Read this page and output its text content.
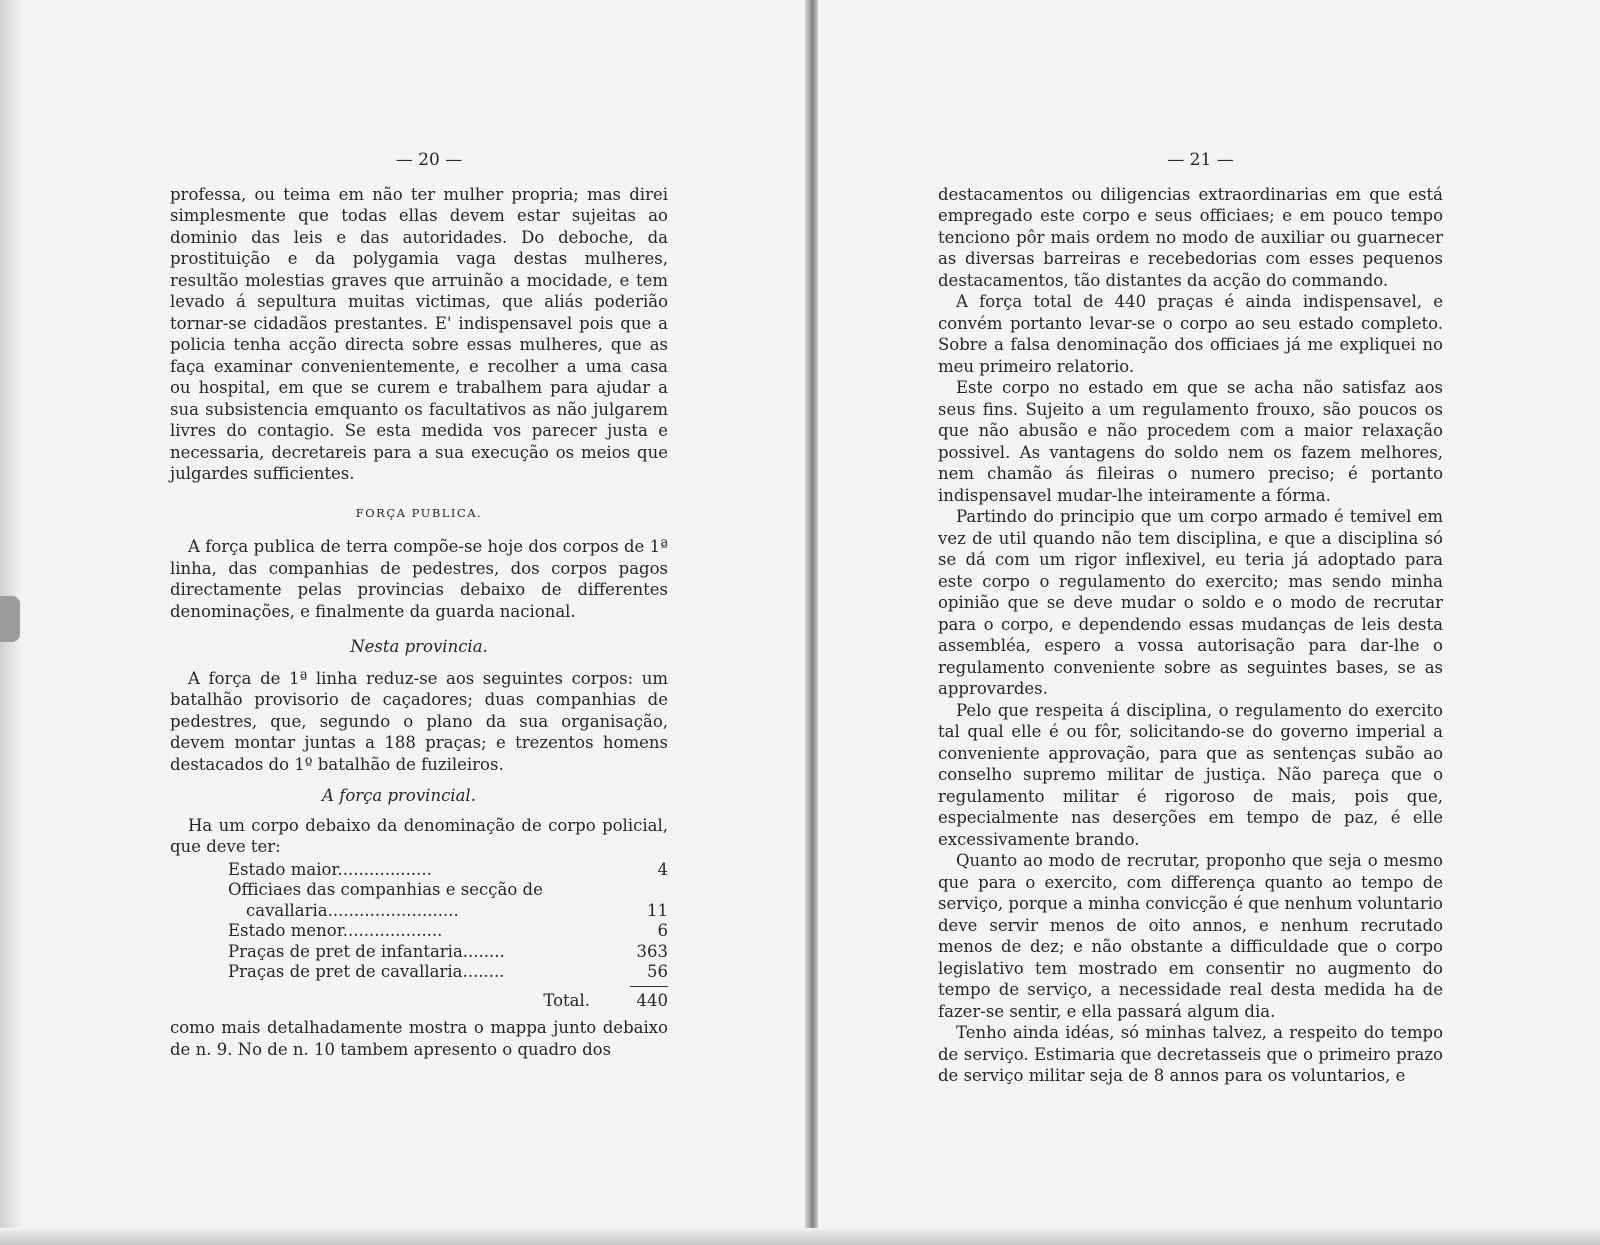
— 20 —

professa, ou teima em não ter mulher propria; mas direi simplesmente que todas ellas devem estar sujeitas ao dominio das leis e das autoridades. Do deboche, da prostituição e da polygamia vaga destas mulheres, resultão molestias graves que arruinão a mocidade, e tem levado á sepultura muitas victimas, que aliás poderião tornar-se cidadãos prestantes. E' indispensavel pois que a policia tenha acção directa sobre essas mulheres, que as faça examinar convenientemente, e recolher a uma casa ou hospital, em que se curem e trabalhem para ajudar a sua subsistencia emquanto os facultativos as não julgarem livres do contagio. Se esta medida vos parecer justa e necessaria, decretareis para a sua execução os meios que julgardes sufficientes.

FORÇA PUBLICA.

A força publica de terra compõe-se hoje dos corpos de 1ª linha, das companhias de pedestres, dos corpos pagos directamente pelas provincias debaixo de differentes denominações, e finalmente da guarda nacional.

Nesta provincia.

A força de 1ª linha reduz-se aos seguintes corpos: um batalhão provisorio de caçadores; duas companhias de pedestres, que, segundo o plano da sua organisação, devem montar juntas a 188 praças; e trezentos homens destacados do 1º batalhão de fuzileiros.

A força provincial.

Ha um corpo debaixo da denominação de corpo policial, que deve ter:

Estado maior..................	4
Officiaes das companhias e secção de	
cavallaria.........................	11
Estado menor...................	6
Praças de pret de infantaria........	363
Praças de pret de cavallaria........	56
Total.	440

como mais detalhadamente mostra o mappa junto debaixo de n. 9. No de n. 10 tambem apresento o quadro dos

— 21 —

destacamentos ou diligencias extraordinarias em que está empregado este corpo e seus officiaes; e em pouco tempo tenciono pôr mais ordem no modo de auxiliar ou guarnecer as diversas barreiras e recebedorias com esses pequenos destacamentos, tão distantes da acção do commando.

A força total de 440 praças é ainda indispensavel, e convém portanto levar-se o corpo ao seu estado completo. Sobre a falsa denominação dos officiaes já me expliquei no meu primeiro relatorio.

Este corpo no estado em que se acha não satisfaz aos seus fins. Sujeito a um regulamento frouxo, são poucos os que não abusão e não procedem com a maior relaxação possivel. As vantagens do soldo nem os fazem melhores, nem chamão ás fileiras o numero preciso; é portanto indispensavel mudar-lhe inteiramente a fórma.

Partindo do principio que um corpo armado é temivel em vez de util quando não tem disciplina, e que a disciplina só se dá com um rigor inflexivel, eu teria já adoptado para este corpo o regulamento do exercito; mas sendo minha opinião que se deve mudar o soldo e o modo de recrutar para o corpo, e dependendo essas mudanças de leis desta assembléa, espero a vossa autorisação para dar-lhe o regulamento conveniente sobre as seguintes bases, se as approvardes.

Pelo que respeita á disciplina, o regulamento do exercito tal qual elle é ou fôr, solicitando-se do governo imperial a conveniente approvação, para que as sentenças subão ao conselho supremo militar de justiça. Não pareça que o regulamento militar é rigoroso de mais, pois que, especialmente nas deserções em tempo de paz, é elle excessivamente brando.

Quanto ao modo de recrutar, proponho que seja o mesmo que para o exercito, com differença quanto ao tempo de serviço, porque a minha convicção é que nenhum voluntario deve servir menos de oito annos, e nenhum recrutado menos de dez; e não obstante a difficuldade que o corpo legislativo tem mostrado em consentir no augmento do tempo de serviço, a necessidade real desta medida ha de fazer-se sentir, e ella passará algum dia.

Tenho ainda idéas, só minhas talvez, a respeito do tempo de serviço. Estimaria que decretasseis que o primeiro prazo de serviço militar seja de 8 annos para os voluntarios, e
